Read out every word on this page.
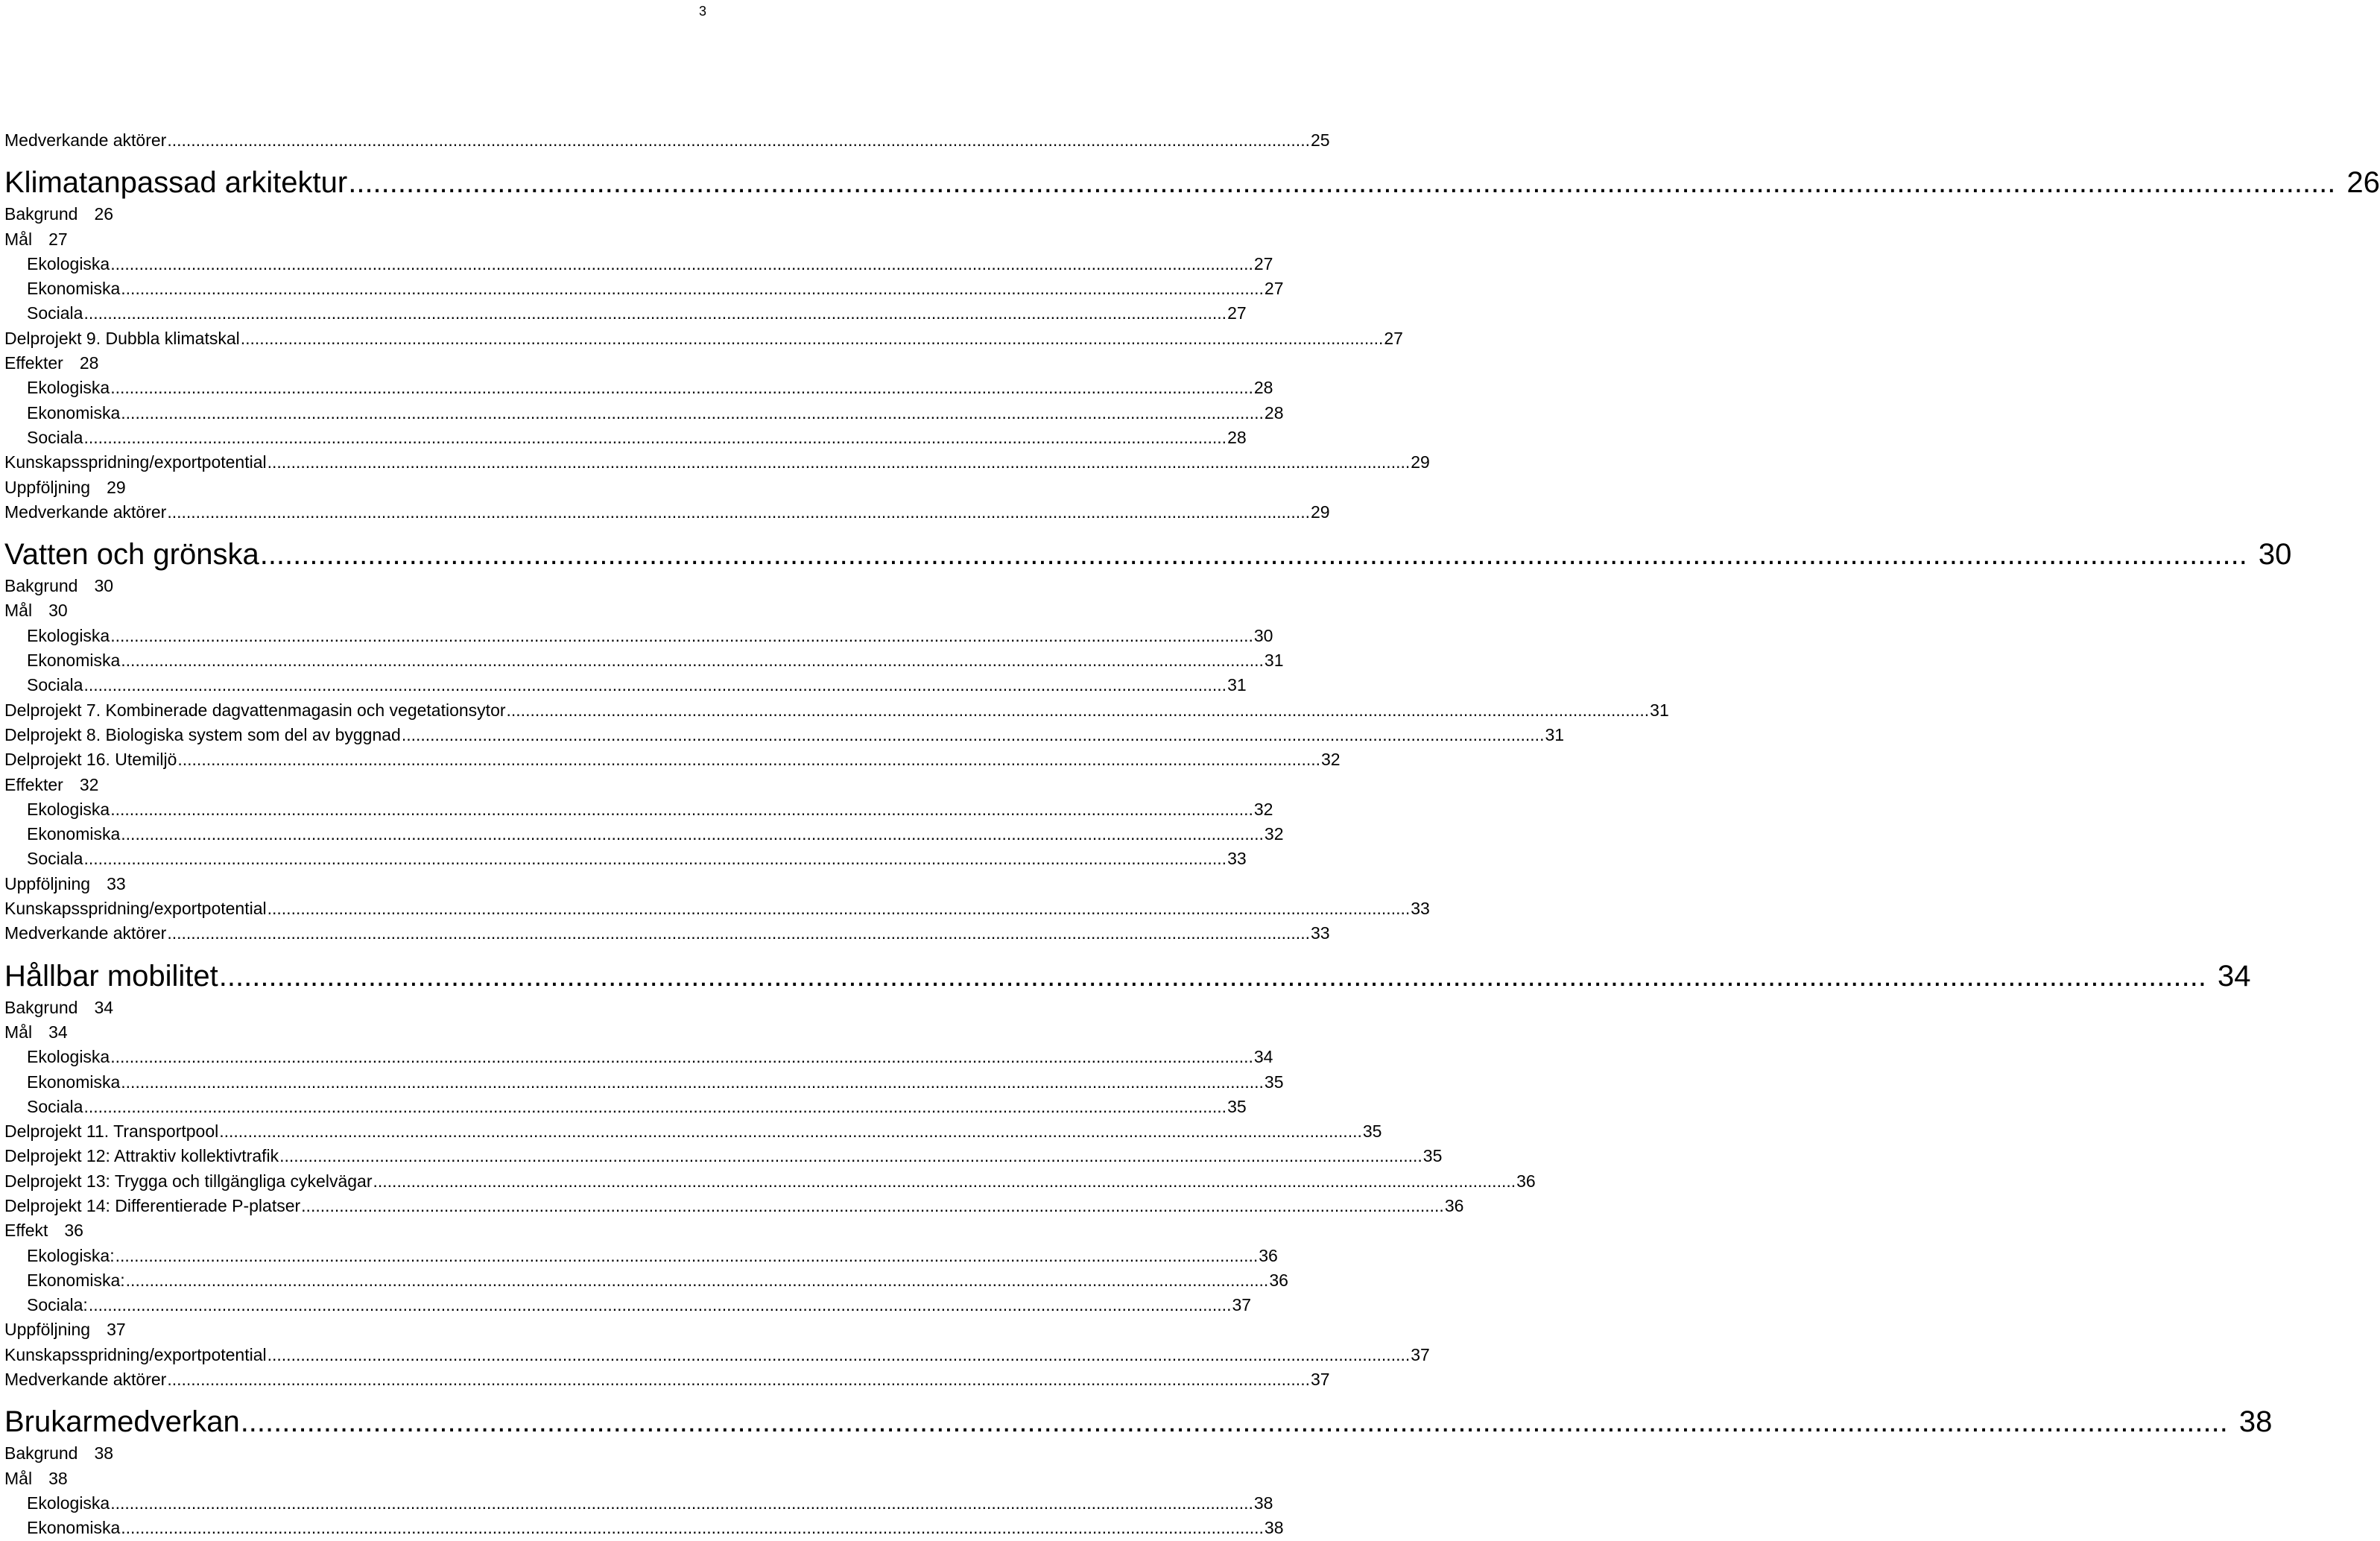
3
Medverkande aktörer ................................................................................................................................................................................................................................................ 25
Klimatanpassad arkitektur ................................................................................................................................................................................................................................................ 26
Bakgrund 26
Mål 27
Ekologiska ................................................................................................................................................................................................................................................ 27
Ekonomiska ................................................................................................................................................................................................................................................ 27
Sociala ................................................................................................................................................................................................................................................ 27
Delprojekt 9. Dubbla klimatskal ................................................................................................................................................................................................................................................ 27
Effekter 28
Ekologiska ................................................................................................................................................................................................................................................ 28
Ekonomiska ................................................................................................................................................................................................................................................ 28
Sociala ................................................................................................................................................................................................................................................ 28
Kunskapsspridning/exportpotential ................................................................................................................................................................................................................................................ 29
Uppföljning 29
Medverkande aktörer ................................................................................................................................................................................................................................................ 29
Vatten och grönska ................................................................................................................................................................................................................................................ 30
Bakgrund 30
Mål 30
Ekologiska ................................................................................................................................................................................................................................................ 30
Ekonomiska ................................................................................................................................................................................................................................................ 31
Sociala ................................................................................................................................................................................................................................................ 31
Delprojekt 7. Kombinerade dagvattenmagasin och vegetationsytor ................................................................................................................................................................................................................................................ 31
Delprojekt 8. Biologiska system som del av byggnad ................................................................................................................................................................................................................................................ 31
Delprojekt 16. Utemiljö ................................................................................................................................................................................................................................................ 32
Effekter 32
Ekologiska ................................................................................................................................................................................................................................................ 32
Ekonomiska ................................................................................................................................................................................................................................................ 32
Sociala ................................................................................................................................................................................................................................................ 33
Uppföljning 33
Kunskapsspridning/exportpotential ................................................................................................................................................................................................................................................ 33
Medverkande aktörer ................................................................................................................................................................................................................................................ 33
Hållbar mobilitet ................................................................................................................................................................................................................................................ 34
Bakgrund 34
Mål 34
Ekologiska ................................................................................................................................................................................................................................................ 34
Ekonomiska ................................................................................................................................................................................................................................................ 35
Sociala ................................................................................................................................................................................................................................................ 35
Delprojekt 11. Transportpool ................................................................................................................................................................................................................................................ 35
Delprojekt 12: Attraktiv kollektivtrafik ................................................................................................................................................................................................................................................ 35
Delprojekt 13: Trygga och tillgängliga cykelvägar ................................................................................................................................................................................................................................................ 36
Delprojekt 14: Differentierade P-platser ................................................................................................................................................................................................................................................ 36
Effekt 36
Ekologiska: ................................................................................................................................................................................................................................................ 36
Ekonomiska: ................................................................................................................................................................................................................................................ 36
Sociala: ................................................................................................................................................................................................................................................ 37
Uppföljning 37
Kunskapsspridning/exportpotential ................................................................................................................................................................................................................................................ 37
Medverkande aktörer ................................................................................................................................................................................................................................................ 37
Brukarmedverkan ................................................................................................................................................................................................................................................ 38
Bakgrund 38
Mål 38
Ekologiska ................................................................................................................................................................................................................................................ 38
Ekonomiska ................................................................................................................................................................................................................................................ 38
